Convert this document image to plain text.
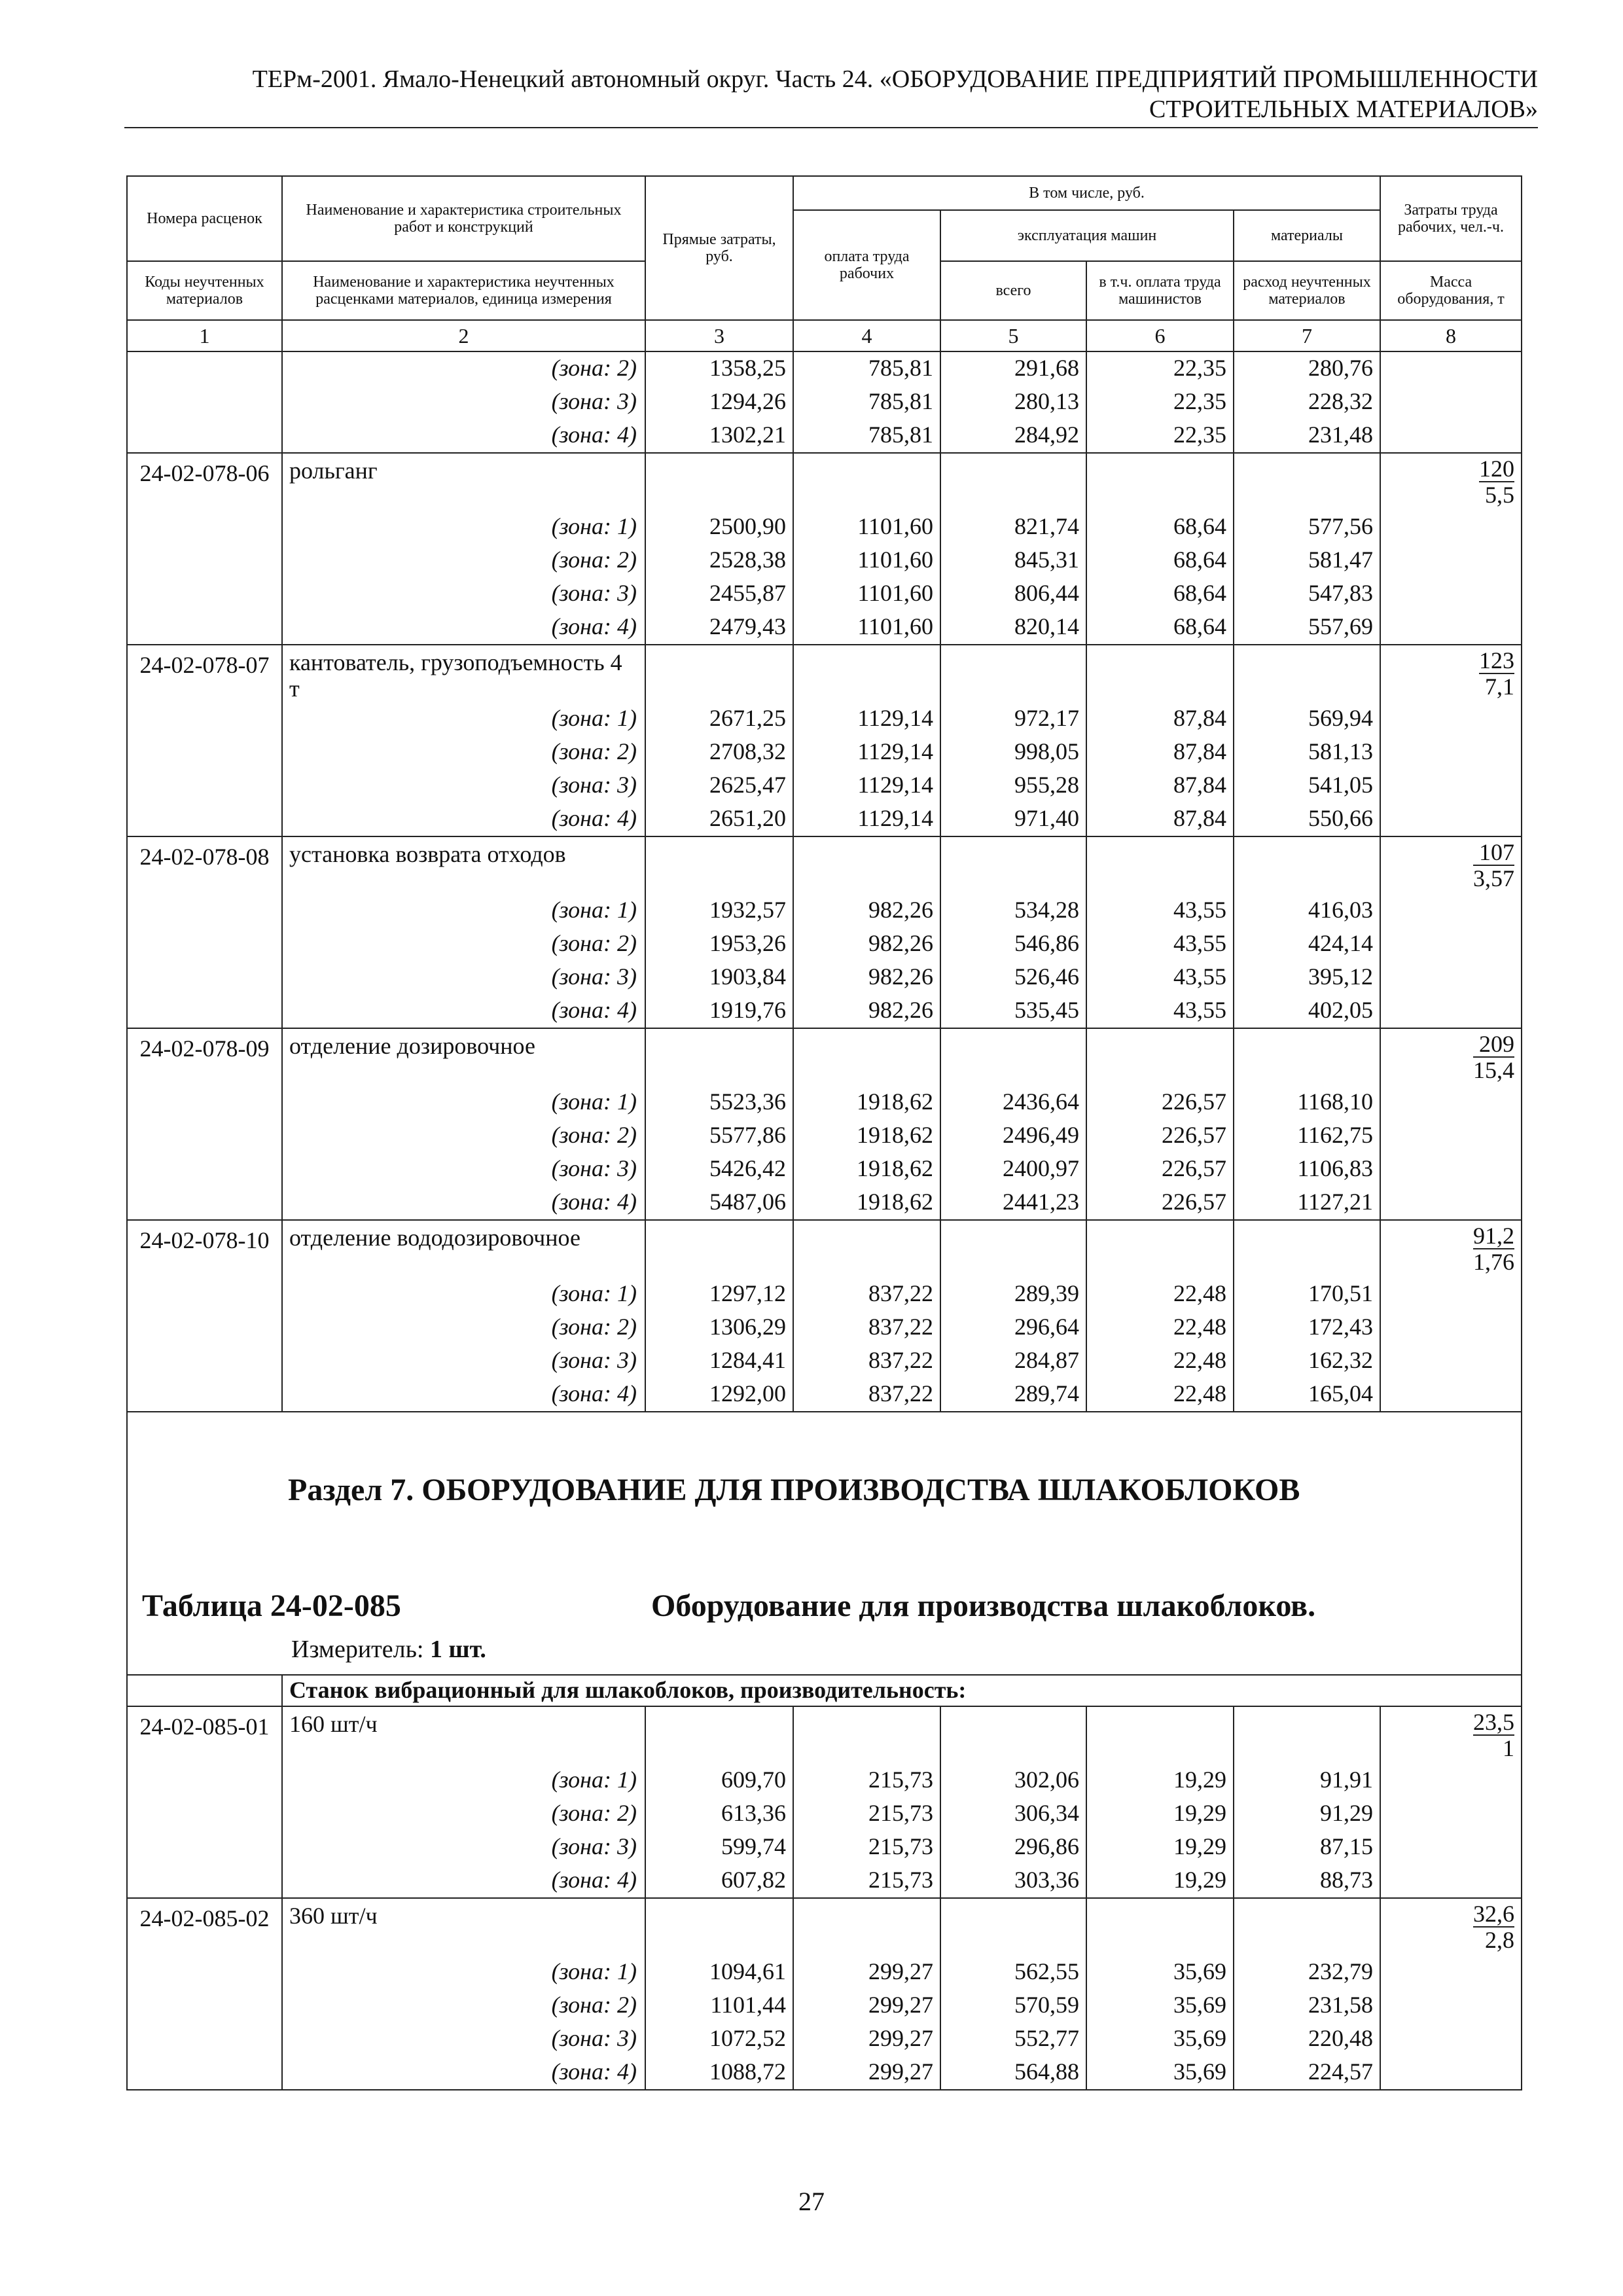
ТЕРм-2001. Ямало-Ненецкий автономный округ. Часть 24. «ОБОРУДОВАНИЕ ПРЕДПРИЯТИЙ ПРОМЫШЛЕННОСТИ
СТРОИТЕЛЬНЫХ МАТЕРИАЛОВ»
Номера расценок	Наименование и характеристика строительных работ и конструкций	Прямые затраты, руб.	В том числе, руб.				Затраты труда рабочих, чел.-ч.
			оплата труда рабочих	эксплуатация машин		материалы	
Коды неучтенных материалов	Наименование и характеристика неучтенных расценками материалов, единица измерения			всего	в т.ч. оплата труда машинистов	расход неучтенных материалов	Масса оборудования, т
1	2	3	4	5	6	7	8
	(зона: 2)	1358,25	785,81	291,68	22,35	280,76	
	(зона: 3)	1294,26	785,81	280,13	22,35	228,32	
	(зона: 4)	1302,21	785,81	284,92	22,35	231,48	
24-02-078-06	рольганг						$\frac{120}{5,5}$

	(зона: 1)	2500,90	1101,60	821,74	68,64	577,56	
	(зона: 2)	2528,38	1101,60	845,31	68,64	581,47	
	(зона: 3)	2455,87	1101,60	806,44	68,64	547,83	
	(зона: 4)	2479,43	1101,60	820,14	68,64	557,69	
24-02-078-07	кантователь, грузоподъемность 4 т						$\frac{123}{7,1}$

	(зона: 1)	2671,25	1129,14	972,17	87,84	569,94	
	(зона: 2)	2708,32	1129,14	998,05	87,84	581,13	
	(зона: 3)	2625,47	1129,14	955,28	87,84	541,05	
	(зона: 4)	2651,20	1129,14	971,40	87,84	550,66	
24-02-078-08	установка возврата отходов						$\frac{107}{3,57}$

	(зона: 1)	1932,57	982,26	534,28	43,55	416,03	
	(зона: 2)	1953,26	982,26	546,86	43,55	424,14	
	(зона: 3)	1903,84	982,26	526,46	43,55	395,12	
	(зона: 4)	1919,76	982,26	535,45	43,55	402,05	
24-02-078-09	отделение дозировочное						$\frac{209}{15,4}$

	(зона: 1)	5523,36	1918,62	2436,64	226,57	1168,10	
	(зона: 2)	5577,86	1918,62	2496,49	226,57	1162,75	
	(зона: 3)	5426,42	1918,62	2400,97	226,57	1106,83	
	(зона: 4)	5487,06	1918,62	2441,23	226,57	1127,21	
24-02-078-10	отделение вододозировочное						$\frac{91,2}{1,76}$

	(зона: 1)	1297,12	837,22	289,39	22,48	170,51	
	(зона: 2)	1306,29	837,22	296,64	22,48	172,43	
	(зона: 3)	1284,41	837,22	284,87	22,48	162,32	
	(зона: 4)	1292,00	837,22	289,74	22,48	165,04	

Раздел 7. ОБОРУДОВАНИЕ ДЛЯ ПРОИЗВОДСТВА ШЛАКОБЛОКОВ
Таблица 24-02-085 Оборудование для производства шлакоблоков.
Измеритель: 1 шт.							

	Станок вибрационный для шлакоблоков, производительность:						
24-02-085-01	160 шт/ч						$\frac{23,5}{1}$

	(зона: 1)	609,70	215,73	302,06	19,29	91,91	
	(зона: 2)	613,36	215,73	306,34	19,29	91,29	
	(зона: 3)	599,74	215,73	296,86	19,29	87,15	
	(зона: 4)	607,82	215,73	303,36	19,29	88,73	
24-02-085-02	360 шт/ч						$\frac{32,6}{2,8}$

	(зона: 1)	1094,61	299,27	562,55	35,69	232,79	
	(зона: 2)	1101,44	299,27	570,59	35,69	231,58	
	(зона: 3)	1072,52	299,27	552,77	35,69	220,48	
	(зона: 4)	1088,72	299,27	564,88	35,69	224,57	
27
